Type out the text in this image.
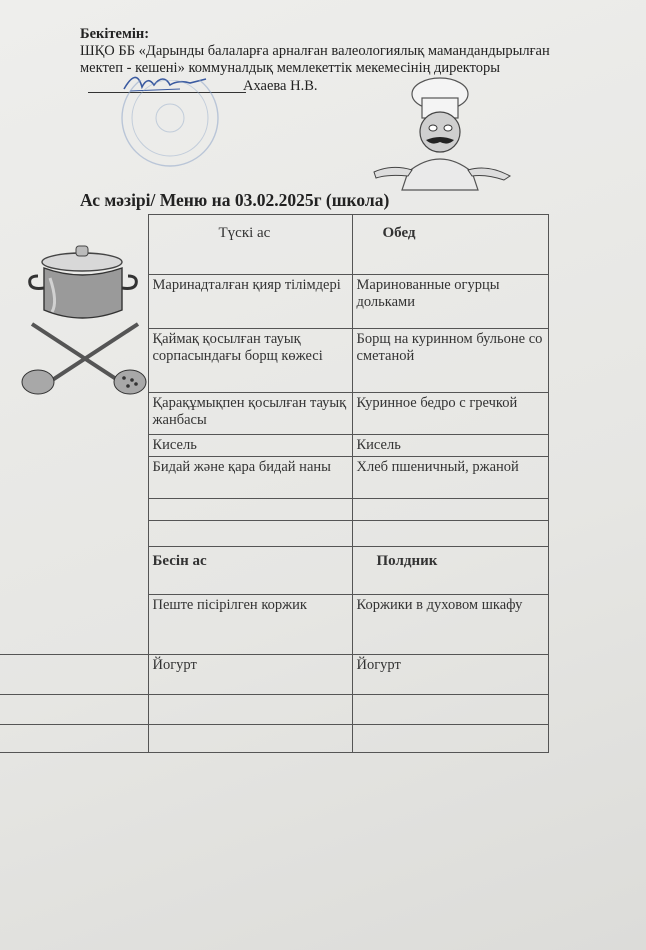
Бекітемін:
ШҚО ББ «Дарынды балаларға арналған валеологиялық мамандандырылған
мектеп - кешені» коммуналдық мемлекеттік мекемесінің директоры
Ахаева Н.В.
Ас мәзірі/ Меню на 03.02.2025г (школа)
	Түскі ас	Обед
	Маринадталған қияр тілімдері	Маринованные огурцы дольками
	Қаймақ қосылған тауық сорпасындағы борщ көжесі	Борщ на куринном бульоне со сметаной
	Қарақұмықпен қосылған тауық жанбасы	Куринное бедро с гречкой
	Кисель	Кисель
	Бидай және қара бидай наны	Хлеб пшеничный, ржаной

	Бесін ас	Полдник
	Пеште пісірілген коржик	Коржики в духовом шкафу
	Йогурт	Йогурт
